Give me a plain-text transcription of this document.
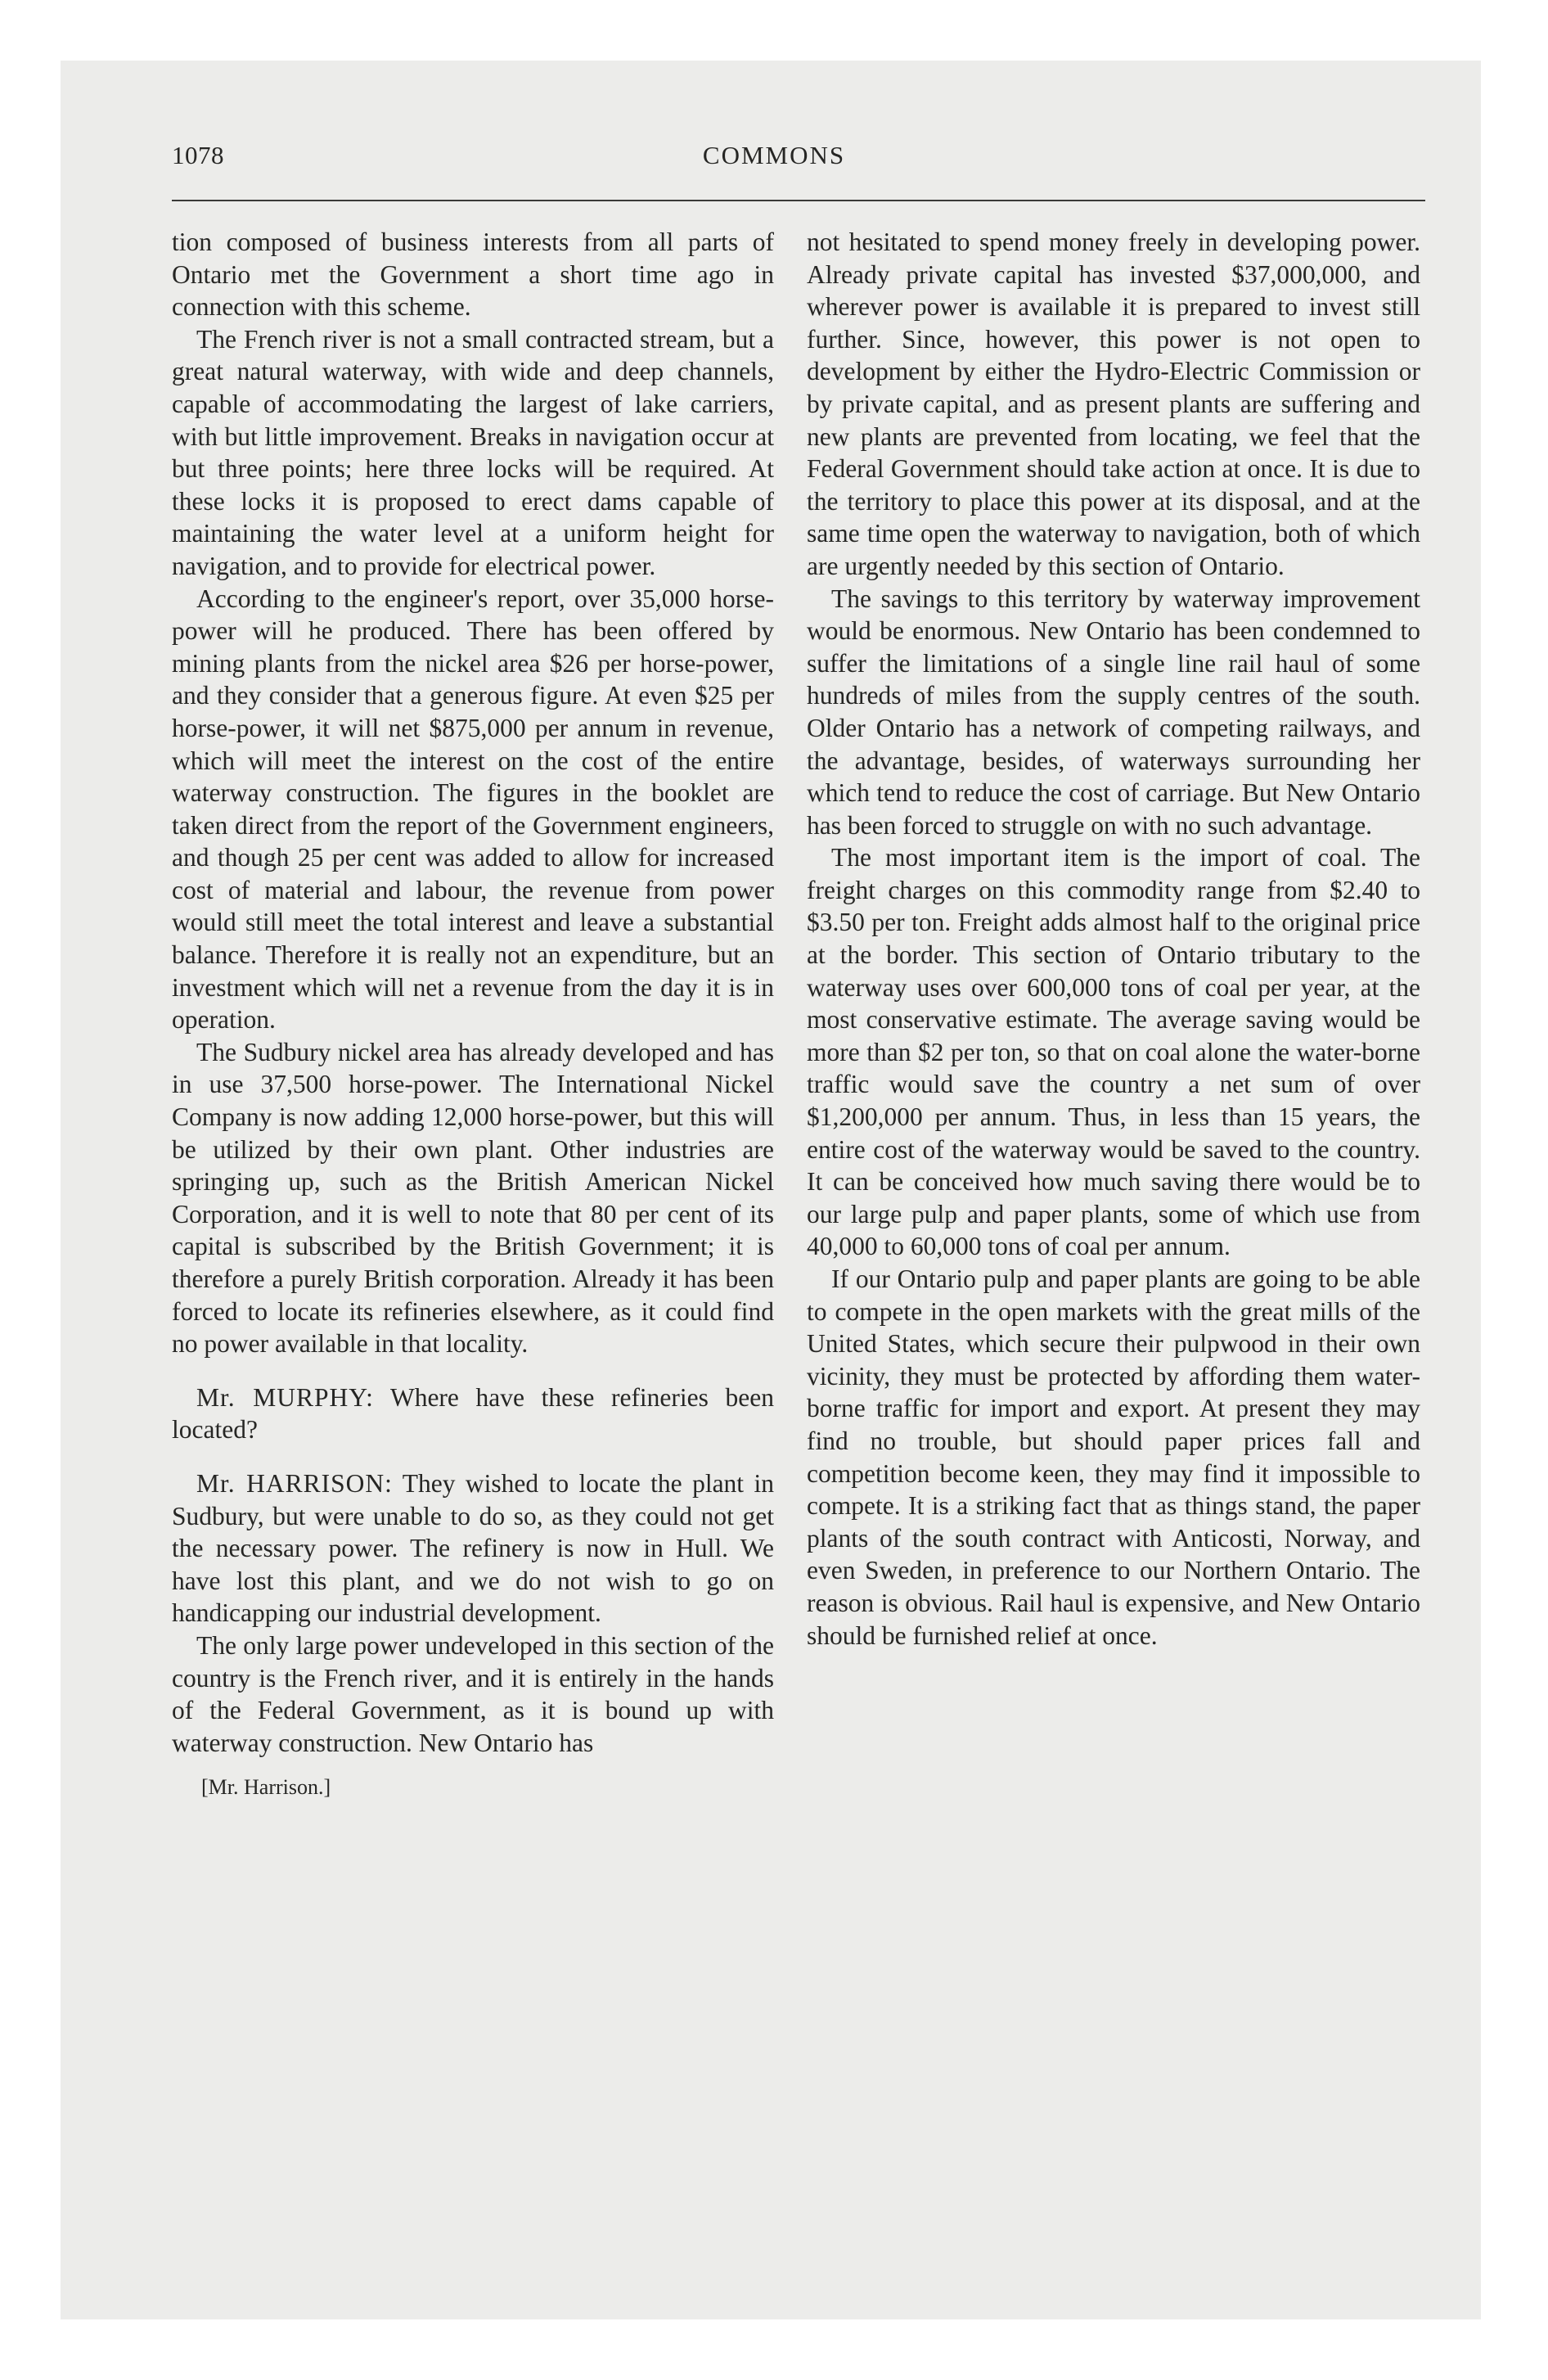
1078	COMMONS

tion composed of business interests from all parts of Ontario met the Government a short time ago in connection with this scheme.

The French river is not a small contracted stream, but a great natural waterway, with wide and deep channels, capable of accommodating the largest of lake carriers, with but little improvement. Breaks in navigation occur at but three points; here three locks will be required. At these locks it is proposed to erect dams capable of maintaining the water level at a uniform height for navigation, and to provide for electrical power.

According to the engineer's report, over 35,000 horse-power will he produced. There has been offered by mining plants from the nickel area $26 per horse-power, and they consider that a generous figure. At even $25 per horse-power, it will net $875,000 per annum in revenue, which will meet the interest on the cost of the entire waterway construction. The figures in the booklet are taken direct from the report of the Government engineers, and though 25 per cent was added to allow for increased cost of material and labour, the revenue from power would still meet the total interest and leave a substantial balance. Therefore it is really not an expenditure, but an investment which will net a revenue from the day it is in operation.

The Sudbury nickel area has already developed and has in use 37,500 horse-power. The International Nickel Company is now adding 12,000 horse-power, but this will be utilized by their own plant. Other industries are springing up, such as the British American Nickel Corporation, and it is well to note that 80 per cent of its capital is subscribed by the British Government; it is therefore a purely British corporation. Already it has been forced to locate its refineries elsewhere, as it could find no power available in that locality.

Mr. MURPHY: Where have these refineries been located?

Mr. HARRISON: They wished to locate the plant in Sudbury, but were unable to do so, as they could not get the necessary power. The refinery is now in Hull. We have lost this plant, and we do not wish to go on handicapping our industrial development.

The only large power undeveloped in this section of the country is the French river, and it is entirely in the hands of the Federal Government, as it is bound up with waterway construction. New Ontario has

[Mr. Harrison.]

not hesitated to spend money freely in developing power. Already private capital has invested $37,000,000, and wherever power is available it is prepared to invest still further. Since, however, this power is not open to development by either the Hydro-Electric Commission or by private capital, and as present plants are suffering and new plants are prevented from locating, we feel that the Federal Government should take action at once. It is due to the territory to place this power at its disposal, and at the same time open the waterway to navigation, both of which are urgently needed by this section of Ontario.

The savings to this territory by waterway improvement would be enormous. New Ontario has been condemned to suffer the limitations of a single line rail haul of some hundreds of miles from the supply centres of the south. Older Ontario has a network of competing railways, and the advantage, besides, of waterways surrounding her which tend to reduce the cost of carriage. But New Ontario has been forced to struggle on with no such advantage.

The most important item is the import of coal. The freight charges on this commodity range from $2.40 to $3.50 per ton. Freight adds almost half to the original price at the border. This section of Ontario tributary to the waterway uses over 600,000 tons of coal per year, at the most conservative estimate. The average saving would be more than $2 per ton, so that on coal alone the water-borne traffic would save the country a net sum of over $1,200,000 per annum. Thus, in less than 15 years, the entire cost of the waterway would be saved to the country. It can be conceived how much saving there would be to our large pulp and paper plants, some of which use from 40,000 to 60,000 tons of coal per annum.

If our Ontario pulp and paper plants are going to be able to compete in the open markets with the great mills of the United States, which secure their pulpwood in their own vicinity, they must be protected by affording them water-borne traffic for import and export. At present they may find no trouble, but should paper prices fall and competition become keen, they may find it impossible to compete. It is a striking fact that as things stand, the paper plants of the south contract with Anticosti, Norway, and even Sweden, in preference to our Northern Ontario. The reason is obvious. Rail haul is expensive, and New Ontario should be furnished relief at once.
